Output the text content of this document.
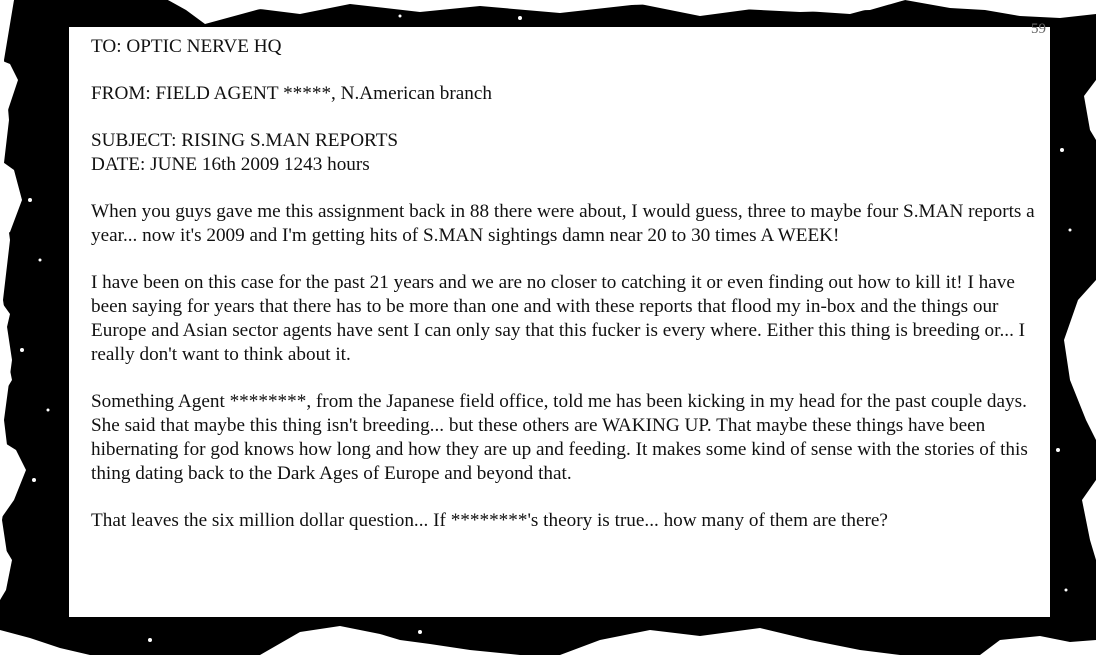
59

TO: OPTIC NERVE HQ

FROM: FIELD AGENT *****, N.American branch

SUBJECT: RISING S.MAN REPORTS

DATE: JUNE 16th 2009 1243 hours

When you guys gave me this assignment back in 88 there were about, I would guess, three to maybe four S.MAN reports a year... now it's 2009 and I'm getting hits of S.MAN sightings damn near 20 to 30 times A WEEK!

I have been on this case for the past 21 years and we are no closer to catching it or even finding out how to kill it! I have been saying for years that there has to be more than one and with these reports that flood my in-box and the things our Europe and Asian sector agents have sent I can only say that this fucker is every where. Either this thing is breeding or... I really don't want to think about it.

Something Agent ********, from the Japanese field office, told me has been kicking in my head for the past couple days. She said that maybe this thing isn't breeding... but these others are WAKING UP. That maybe these things have been hibernating for god knows how long and how they are up and feeding. It makes some kind of sense with the stories of this thing dating back to the Dark Ages of Europe and beyond that.

That leaves the six million dollar question... If ********'s theory is true... how many of them are there?
